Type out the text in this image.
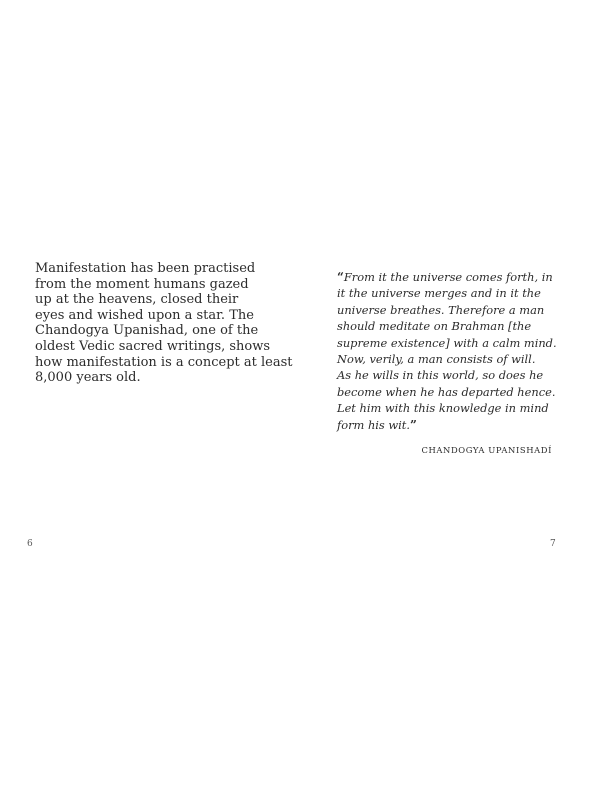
Manifestation has been practised
from the moment humans gazed
up at the heavens, closed their
eyes and wished upon a star. The
Chandogya Upanishad, one of the
oldest Vedic sacred writings, shows
how manifestation is a concept at least
8,000 years old.

6
“From it the universe comes forth, in
it the universe merges and in it the
universe breathes. Therefore a man
should meditate on Brahman [the
supreme existence] with a calm mind.
Now, verily, a man consists of will.
As he wills in this world, so does he
become when he has departed hence.
Let him with this knowledge in mind
form his wit.”
CHANDOGYA UPANISHADÍ
7
